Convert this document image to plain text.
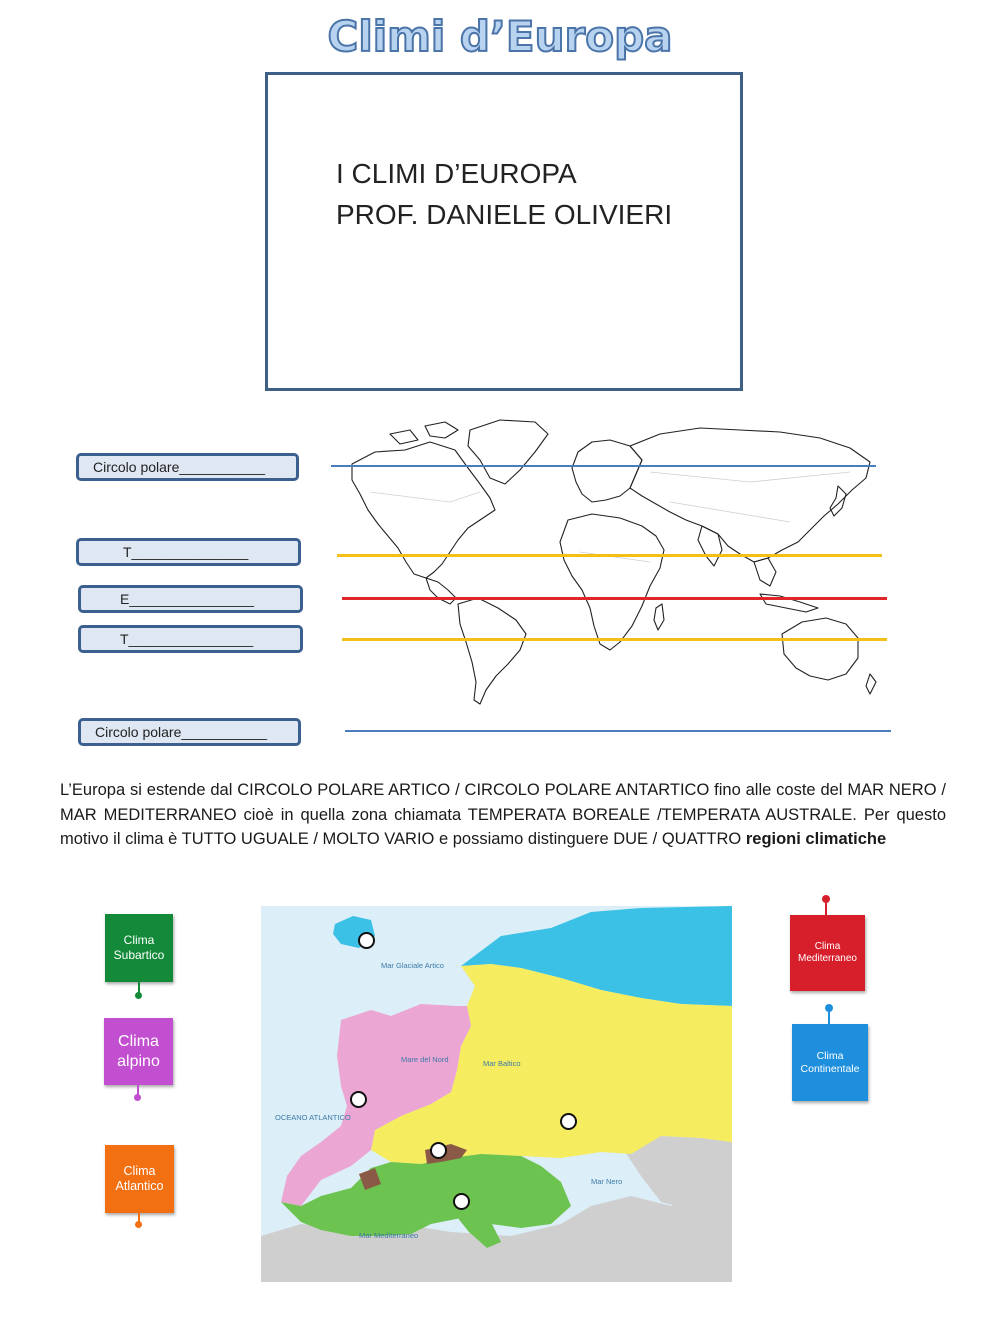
Climi d’Europa
I CLIMI D’EUROPA
PROF. DANIELE OLIVIERI
Circolo polare___________
T_______________
E________________
T________________
Circolo polare___________
L’Europa si estende dal CIRCOLO POLARE ARTICO / CIRCOLO POLARE ANTARTICO fino alle coste del MAR NERO / MAR MEDITERRANEO cioè in quella zona chiamata TEMPERATA BOREALE /TEMPERATA AUSTRALE. Per questo motivo il clima è TUTTO UGUALE / MOLTO VARIO e possiamo distinguere DUE / QUATTRO regioni climatiche
Mar Glaciale Artico
Mare del Nord	Mar Baltico
OCEANO ATLANTICO
Mar Nero
Mar Mediterraneo
Clima Subartico
Clima alpino
Clima Atlantico
Clima Mediterraneo
Clima Continentale
